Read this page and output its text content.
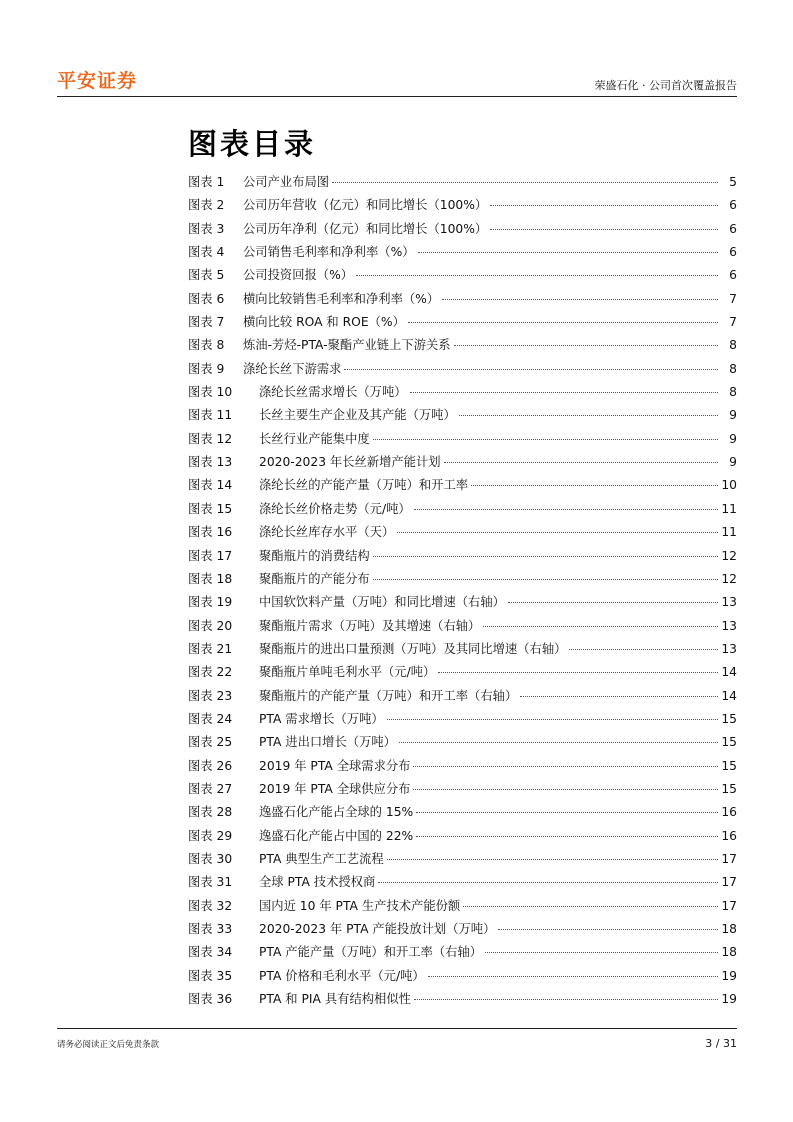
平安证券	荣盛石化 · 公司首次覆盖报告
图表目录
图表 1	公司产业布局图	5
图表 2	公司历年营收（亿元）和同比增长（100%）	6
图表 3	公司历年净利（亿元）和同比增长（100%）	6
图表 4	公司销售毛利率和净利率（%）	6
图表 5	公司投资回报（%）	6
图表 6	横向比较销售毛利率和净利率（%）	7
图表 7	横向比较 ROA 和 ROE（%）	7
图表 8	炼油-芳烃-PTA-聚酯产业链上下游关系	8
图表 9	涤纶长丝下游需求	8
图表 10	涤纶长丝需求增长（万吨）	8
图表 11	长丝主要生产企业及其产能（万吨）	9
图表 12	长丝行业产能集中度	9
图表 13	2020-2023 年长丝新增产能计划	9
图表 14	涤纶长丝的产能产量（万吨）和开工率	10
图表 15	涤纶长丝价格走势（元/吨）	11
图表 16	涤纶长丝库存水平（天）	11
图表 17	聚酯瓶片的消费结构	12
图表 18	聚酯瓶片的产能分布	12
图表 19	中国软饮料产量（万吨）和同比增速（右轴）	13
图表 20	聚酯瓶片需求（万吨）及其增速（右轴）	13
图表 21	聚酯瓶片的进出口量预测（万吨）及其同比增速（右轴）	13
图表 22	聚酯瓶片单吨毛利水平（元/吨）	14
图表 23	聚酯瓶片的产能产量（万吨）和开工率（右轴）	14
图表 24	PTA 需求增长（万吨）	15
图表 25	PTA 进出口增长（万吨）	15
图表 26	2019 年 PTA 全球需求分布	15
图表 27	2019 年 PTA 全球供应分布	15
图表 28	逸盛石化产能占全球的 15%	16
图表 29	逸盛石化产能占中国的 22%	16
图表 30	PTA 典型生产工艺流程	17
图表 31	全球 PTA 技术授权商	17
图表 32	国内近 10 年 PTA 生产技术产能份额	17
图表 33	2020-2023 年 PTA 产能投放计划（万吨）	18
图表 34	PTA 产能产量（万吨）和开工率（右轴）	18
图表 35	PTA 价格和毛利水平（元/吨）	19
图表 36	PTA 和 PIA 具有结构相似性	19
请务必阅读正文后免责条款	3 / 31
